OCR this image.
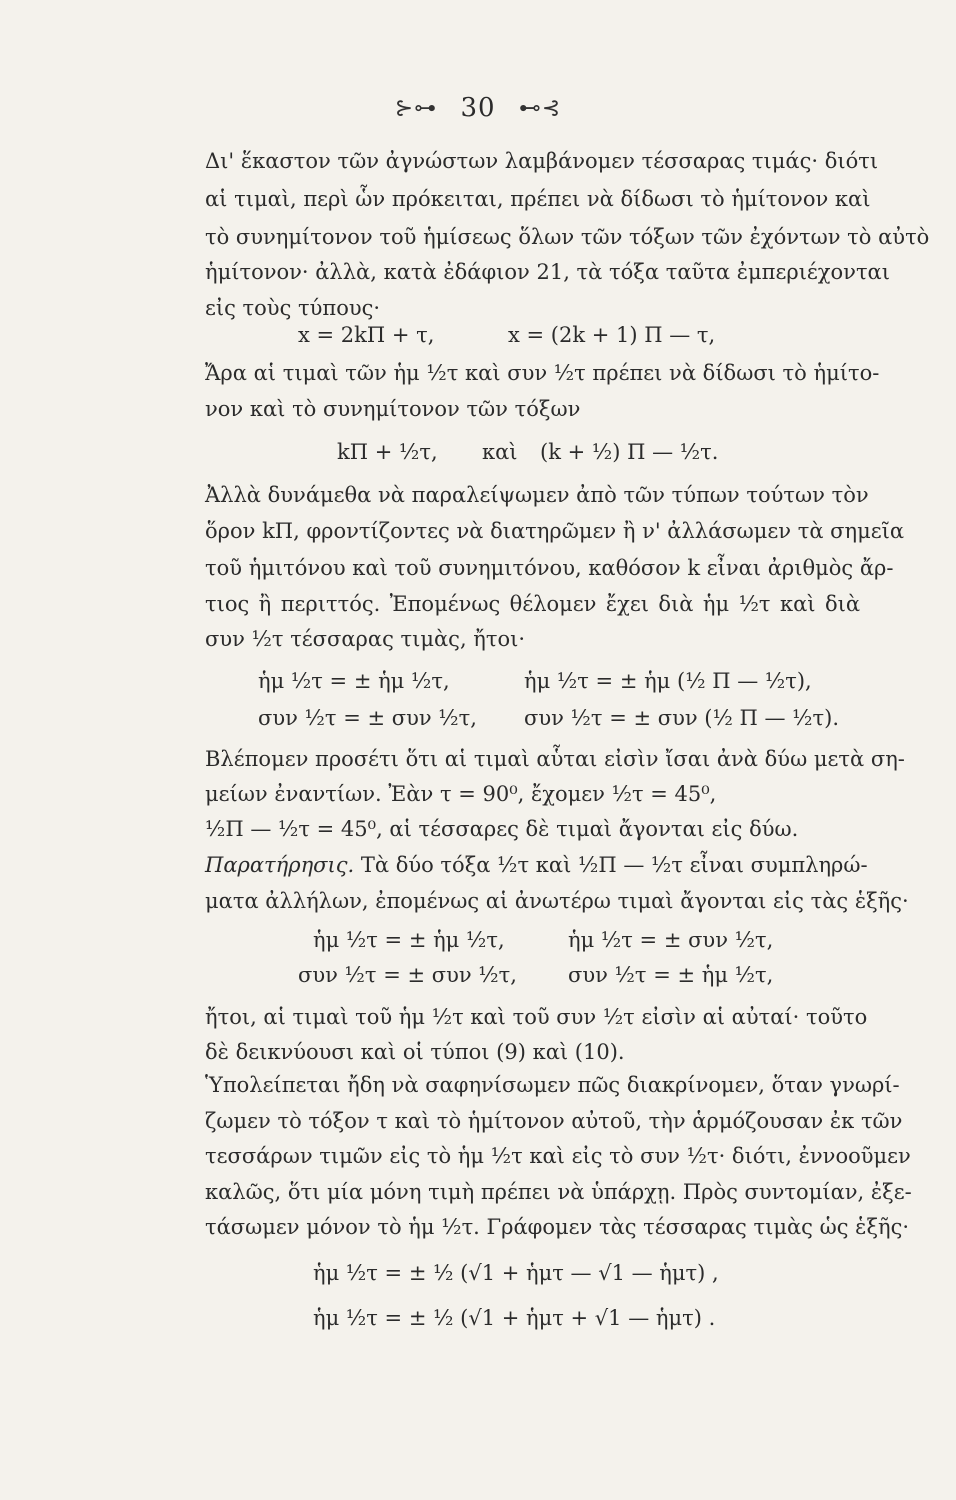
⊱⊶ 30 ⊷⊰
Δι' ἕκαστον τῶν ἀγνώστων λαμβάνομεν τέσσαρας τιμάς· διότι
αἱ τιμαὶ, περὶ ὧν πρόκειται, πρέπει νὰ δίδωσι τὸ ἡμίτονον καὶ
τὸ συνημίτονον τοῦ ἡμίσεως ὅλων τῶν τόξων τῶν ἐχόντων τὸ αὐτὸ
ἡμίτονον· ἀλλὰ, κατὰ ἐδάφιον 21, τὰ τόξα ταῦτα ἐμπεριέχονται
εἰς τοὺς τύπους·
x = 2kΠ + τ,	x = (2k + 1) Π — τ,
Ἄρα αἱ τιμαὶ τῶν ἡμ ½τ καὶ συν ½τ πρέπει νὰ δίδωσι τὸ ἡμίτο-
νον καὶ τὸ συνημίτονον τῶν τόξων
kΠ + ½τ, καὶ (k + ½) Π — ½τ.
Ἀλλὰ δυνάμεθα νὰ παραλείψωμεν ἀπὸ τῶν τύπων τούτων τὸν
ὅρον kΠ, φροντίζοντες νὰ διατηρῶμεν ἢ ν' ἀλλάσωμεν τὰ σημεῖα
τοῦ ἡμιτόνου καὶ τοῦ συνημιτόνου, καθόσον k εἶναι ἀριθμὸς ἄρ-
τιος ἢ περιττός. Ἐπομένως θέλομεν ἔχει διὰ ἡμ ½τ καὶ διὰ
συν ½τ τέσσαρας τιμὰς, ἤτοι·
ἡμ ½τ = ± ἡμ ½τ,	ἡμ ½τ = ± ἡμ (½ Π — ½τ),
συν ½τ = ± συν ½τ, συν ½τ = ± συν (½ Π — ½τ).
Βλέπομεν προσέτι ὅτι αἱ τιμαὶ αὗται εἰσὶν ἴσαι ἀνὰ δύω μετὰ ση-
μείων ἐναντίων. Ἐὰν τ = 90⁰, ἔχομεν ½τ = 45⁰,
½Π — ½τ = 45⁰, αἱ τέσσαρες δὲ τιμαὶ ἄγονται εἰς δύω.
Παρατήρησις. Τὰ δύο τόξα ½τ καὶ ½Π — ½τ εἶναι συμπληρώ-
ματα ἀλλήλων, ἐπομένως αἱ ἀνωτέρω τιμαὶ ἄγονται εἰς τὰς ἑξῆς·
ἡμ ½τ = ± ἡμ ½τ,	ἡμ ½τ = ± συν ½τ,
συν ½τ = ± συν ½τ, συν ½τ = ± ἡμ ½τ,
ἤτοι, αἱ τιμαὶ τοῦ ἡμ ½τ καὶ τοῦ συν ½τ εἰσὶν αἱ αὐταί· τοῦτο
δὲ δεικνύουσι καὶ οἱ τύποι (9) καὶ (10).
Ὑπολείπεται ἤδη νὰ σαφηνίσωμεν πῶς διακρίνομεν, ὅταν γνωρί-
ζωμεν τὸ τόξον τ καὶ τὸ ἡμίτονον αὐτοῦ, τὴν ἁρμόζουσαν ἐκ τῶν
τεσσάρων τιμῶν εἰς τὸ ἡμ ½τ καὶ εἰς τὸ συν ½τ· διότι, ἐννοοῦμεν
καλῶς, ὅτι μία μόνη τιμὴ πρέπει νὰ ὑπάρχῃ. Πρὸς συντομίαν, ἐξε-
τάσωμεν μόνον τὸ ἡμ ½τ. Γράφομεν τὰς τέσσαρας τιμὰς ὡς ἑξῆς·
ἡμ ½τ = ± ½ (√1 + ἡμτ — √1 — ἡμτ) ,
ἡμ ½τ = ± ½ (√1 + ἡμτ + √1 — ἡμτ) .
